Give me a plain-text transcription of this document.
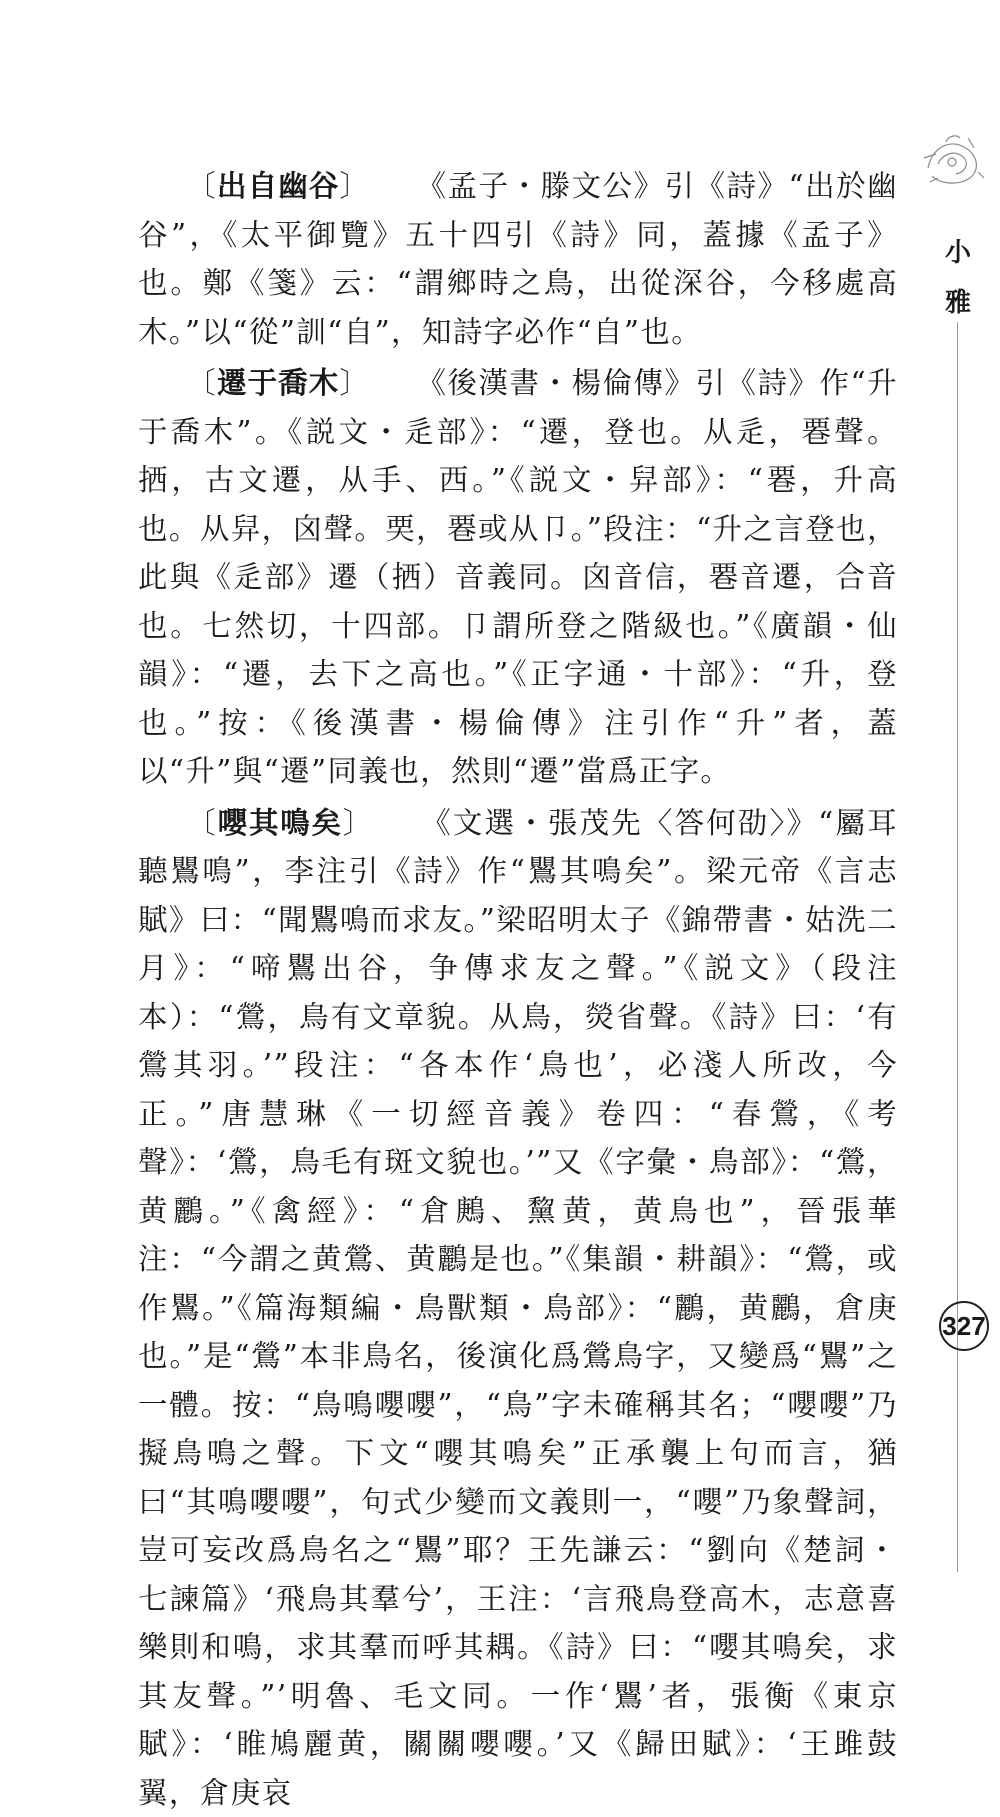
小雅

〔出自幽谷〕 《孟子・滕文公》引《詩》“出於幽谷”，《太平御覽》五十四引《詩》同，蓋據《孟子》也。鄭《箋》云：“謂鄉時之鳥，出從深谷，今移處高木。”以“從”訓“自”，知詩字必作“自”也。

〔遷于喬木〕 《後漢書・楊倫傳》引《詩》作“升于喬木”。《説文・辵部》：“遷，登也。从辵，䙴聲。拪，古文遷，从手、西。”《説文・舁部》：“䙴，升高也。从舁，囟聲。䙲，䙴或从卩。”段注：“升之言登也，此與《辵部》遷（拪）音義同。囟音信，䙴音遷，合音也。七然切，十四部。卩謂所登之階級也。”《廣韻・仙韻》：“遷，去下之高也。”《正字通・十部》：“升，登也。”按：《後漢書・楊倫傳》注引作“升”者，蓋以“升”與“遷”同義也，然則“遷”當爲正字。

〔嚶其鳴矣〕 《文選・張茂先〈答何劭〉》“屬耳聽鸎鳴”，李注引《詩》作“鸎其鳴矣”。梁元帝《言志賦》曰：“聞鸎鳴而求友。”梁昭明太子《錦帶書・姑洗二月》：“啼鸎出谷，争傳求友之聲。”《説文》（段注本）：“鶯，鳥有文章貌。从鳥，熒省聲。《詩》曰：‘有鶯其羽。’”段注：“各本作‘鳥也’，必淺人所改，今正。”唐慧琳《一切經音義》卷四：“春鶯，《考聲》：‘鶯，鳥毛有斑文貌也。’”又《字彙・鳥部》：“鶯，黄鸝。”《禽經》：“倉鶊、黧黄，黄鳥也”，晉張華注：“今謂之黄鶯、黄鸝是也。”《集韻・耕韻》：“鶯，或作鸎。”《篇海類編・鳥獸類・鳥部》：“鸝，黄鸝，倉庚也。”是“鶯”本非鳥名，後演化爲鶯鳥字，又變爲“鸎”之一體。按：“鳥鳴嚶嚶”，“鳥”字未確稱其名；“嚶嚶”乃擬鳥鳴之聲。下文“嚶其鳴矣”正承襲上句而言，猶曰“其鳴嚶嚶”，句式少變而文義則一，“嚶”乃象聲詞，豈可妄改爲鳥名之“鸎”耶？王先謙云：“劉向《楚詞・七諫篇》‘飛鳥其羣兮’，王注：‘言飛鳥登高木，志意喜樂則和鳴，求其羣而呼其耦。《詩》曰：“嚶其鳴矣，求其友聲。”’明魯、毛文同。一作‘鸎’者，張衡《東京賦》：‘睢鳩麗黄，關關嚶嚶。’又《歸田賦》：‘王雎鼓翼，倉庚哀

327
